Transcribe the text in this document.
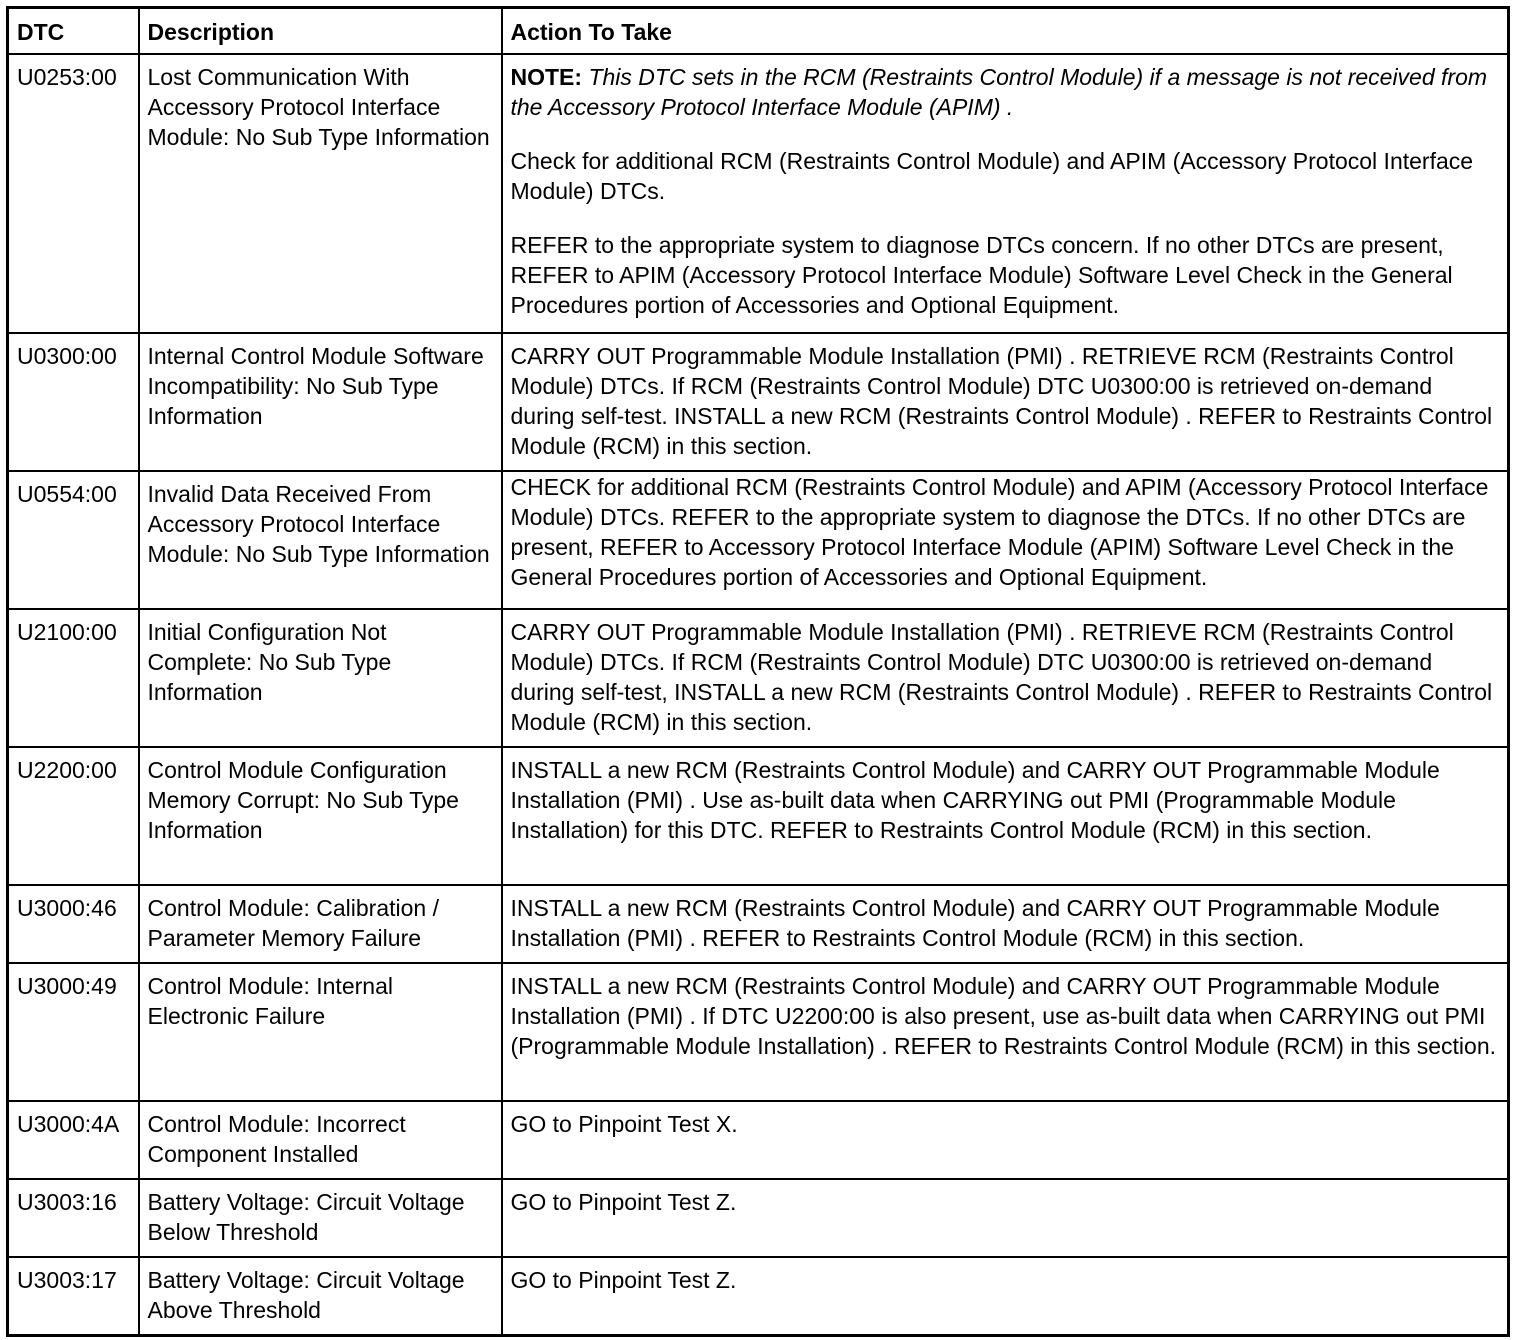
DTC	Description	Action To Take
U0253:00	Lost Communication With Accessory Protocol Interface Module: No Sub Type Information	NOTE: This DTC sets in the RCM (Restraints Control Module) if a message is not received from the Accessory Protocol Interface Module (APIM) .
Check for additional RCM (Restraints Control Module) and APIM (Accessory Protocol Interface Module) DTCs.
REFER to the appropriate system to diagnose DTCs concern. If no other DTCs are present, REFER to APIM (Accessory Protocol Interface Module) Software Level Check in the General Procedures portion of Accessories and Optional Equipment.

U0300:00	Internal Control Module Software Incompatibility: No Sub Type Information	CARRY OUT Programmable Module Installation (PMI) . RETRIEVE RCM (Restraints Control Module) DTCs. If RCM (Restraints Control Module) DTC U0300:00 is retrieved on-demand during self-test. INSTALL a new RCM (Restraints Control Module) . REFER to Restraints Control Module (RCM) in this section.
U0554:00	Invalid Data Received From Accessory Protocol Interface Module: No Sub Type Information	CHECK for additional RCM (Restraints Control Module) and APIM (Accessory Protocol Interface Module) DTCs. REFER to the appropriate system to diagnose the DTCs. If no other DTCs are present, REFER to Accessory Protocol Interface Module (APIM) Software Level Check in the General Procedures portion of Accessories and Optional Equipment.
U2100:00	Initial Configuration Not Complete: No Sub Type Information	CARRY OUT Programmable Module Installation (PMI) . RETRIEVE RCM (Restraints Control Module) DTCs. If RCM (Restraints Control Module) DTC U0300:00 is retrieved on-demand during self-test, INSTALL a new RCM (Restraints Control Module) . REFER to Restraints Control Module (RCM) in this section.
U2200:00	Control Module Configuration Memory Corrupt: No Sub Type Information	INSTALL a new RCM (Restraints Control Module) and CARRY OUT Programmable Module Installation (PMI) . Use as-built data when CARRYING out PMI (Programmable Module Installation) for this DTC. REFER to Restraints Control Module (RCM) in this section.
U3000:46	Control Module: Calibration / Parameter Memory Failure	INSTALL a new RCM (Restraints Control Module) and CARRY OUT Programmable Module Installation (PMI) . REFER to Restraints Control Module (RCM) in this section.
U3000:49	Control Module: Internal Electronic Failure	INSTALL a new RCM (Restraints Control Module) and CARRY OUT Programmable Module Installation (PMI) . If DTC U2200:00 is also present, use as-built data when CARRYING out PMI (Programmable Module Installation) . REFER to Restraints Control Module (RCM) in this section.
U3000:4A	Control Module: Incorrect Component Installed	GO to Pinpoint Test X.
U3003:16	Battery Voltage: Circuit Voltage Below Threshold	GO to Pinpoint Test Z.
U3003:17	Battery Voltage: Circuit Voltage Above Threshold	GO to Pinpoint Test Z.
